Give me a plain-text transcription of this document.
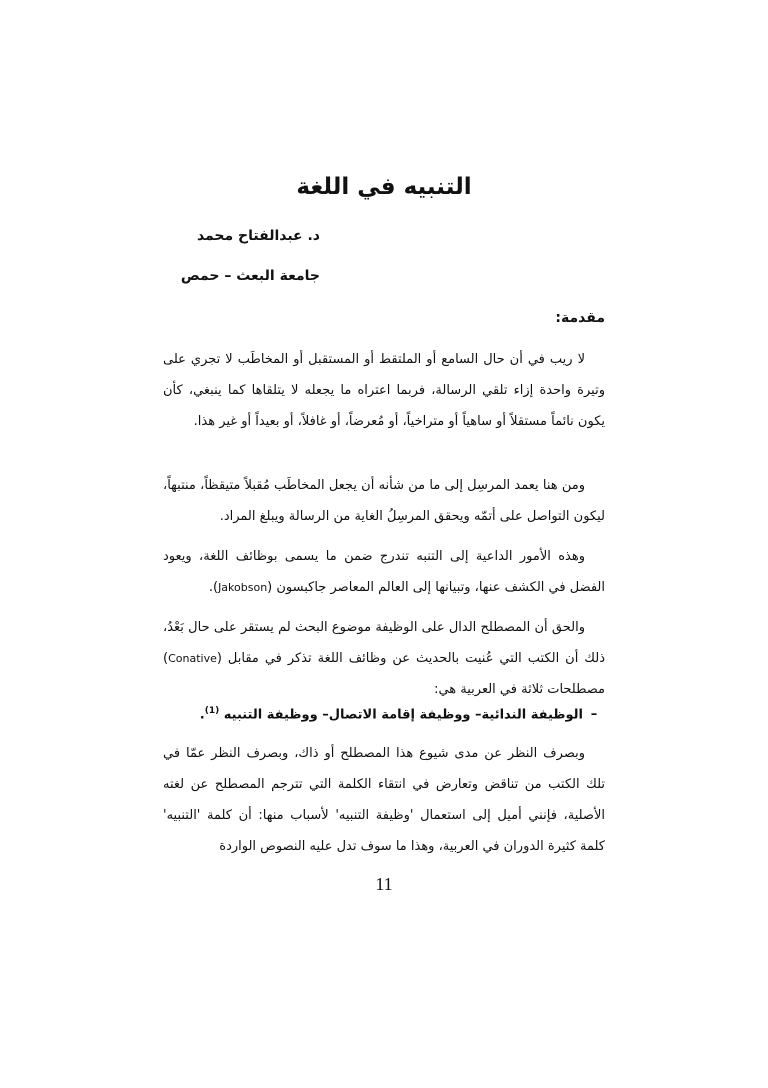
التنبيه في اللغة
د. عبدالفتاح محمد
جامعة البعث – حمص
مقدمة:

لا ريب في أن حال السامع أو الملتقط أو المستقبل أو المخاطَب لا تجري على وتيرة واحدة إزاء تلقي الرسالة، فربما اعتراه ما يجعله لا يتلقاها كما ينبغي، كأن يكون نائماً مستقلاً أو ساهياً أو متراخياً، أو مُعرضاً، أو غافلاً، أو بعيداً أو غير هذا.

ومن هنا يعمد المرسِل إلى ما من شأنه أن يجعل المخاطَب مُقبلاً متيقظاً، منتبهاً، ليكون التواصل على أتمّه ويحقق المرسِلُ الغاية من الرسالة ويبلغ المراد.

وهذه الأمور الداعية إلى التنبه تندرج ضمن ما يسمى بوظائف اللغة، ويعود الفضل في الكشف عنها، وتبيانها إلى العالم المعاصر جاكبسون (Jakobson).

والحق أن المصطلح الدال على الوظيفة موضوع البحث لم يستقر على حال بَعْدُ، ذلك أن الكتب التي عُنيت بالحديث عن وظائف اللغة تذكر في مقابل (Conative) مصطلحات ثلاثة في العربية هي:

–الوظيفة الندائية– ووظيفة إقامة الاتصال– ووظيفة التنبيه $^{(1)}$.

وبصرف النظر عن مدى شيوع هذا المصطلح أو ذاك، وبصرف النظر عمّا في تلك الكتب من تناقض وتعارض في انتقاء الكلمة التي تترجم المصطلح عن لغته الأصلية، فإنني أميل إلى استعمال 'وظيفة التنبيه' لأسباب منها: أن كلمة 'التنبيه' كلمة كثيرة الدوران في العربية، وهذا ما سوف تدل عليه النصوص الواردة

11
